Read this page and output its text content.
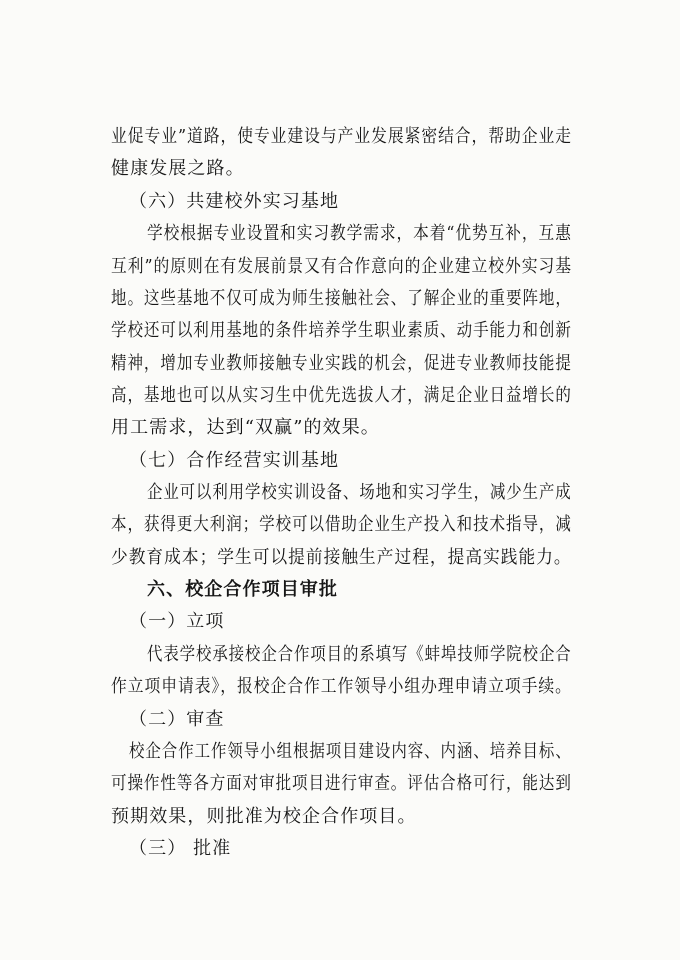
业促专业”道路，使专业建设与产业发展紧密结合，帮助企业走
健康发展之路。
（六）共建校外实习基地
学校根据专业设置和实习教学需求，本着“优势互补，互惠
互利”的原则在有发展前景又有合作意向的企业建立校外实习基
地。这些基地不仅可成为师生接触社会、了解企业的重要阵地，
学校还可以利用基地的条件培养学生职业素质、动手能力和创新
精神，增加专业教师接触专业实践的机会，促进专业教师技能提
高，基地也可以从实习生中优先选拔人才，满足企业日益增长的
用工需求，达到“双赢”的效果。
（七）合作经营实训基地
企业可以利用学校实训设备、场地和实习学生，减少生产成
本，获得更大利润；学校可以借助企业生产投入和技术指导，减
少教育成本；学生可以提前接触生产过程，提高实践能力。
六、校企合作项目审批
（一）立项
代表学校承接校企合作项目的系填写《蚌埠技师学院校企合
作立项申请表》，报校企合作工作领导小组办理申请立项手续。
（二）审查
校企合作工作领导小组根据项目建设内容、内涵、培养目标、
可操作性等各方面对审批项目进行审查。评估合格可行，能达到
预期效果，则批准为校企合作项目。
（三） 批准
